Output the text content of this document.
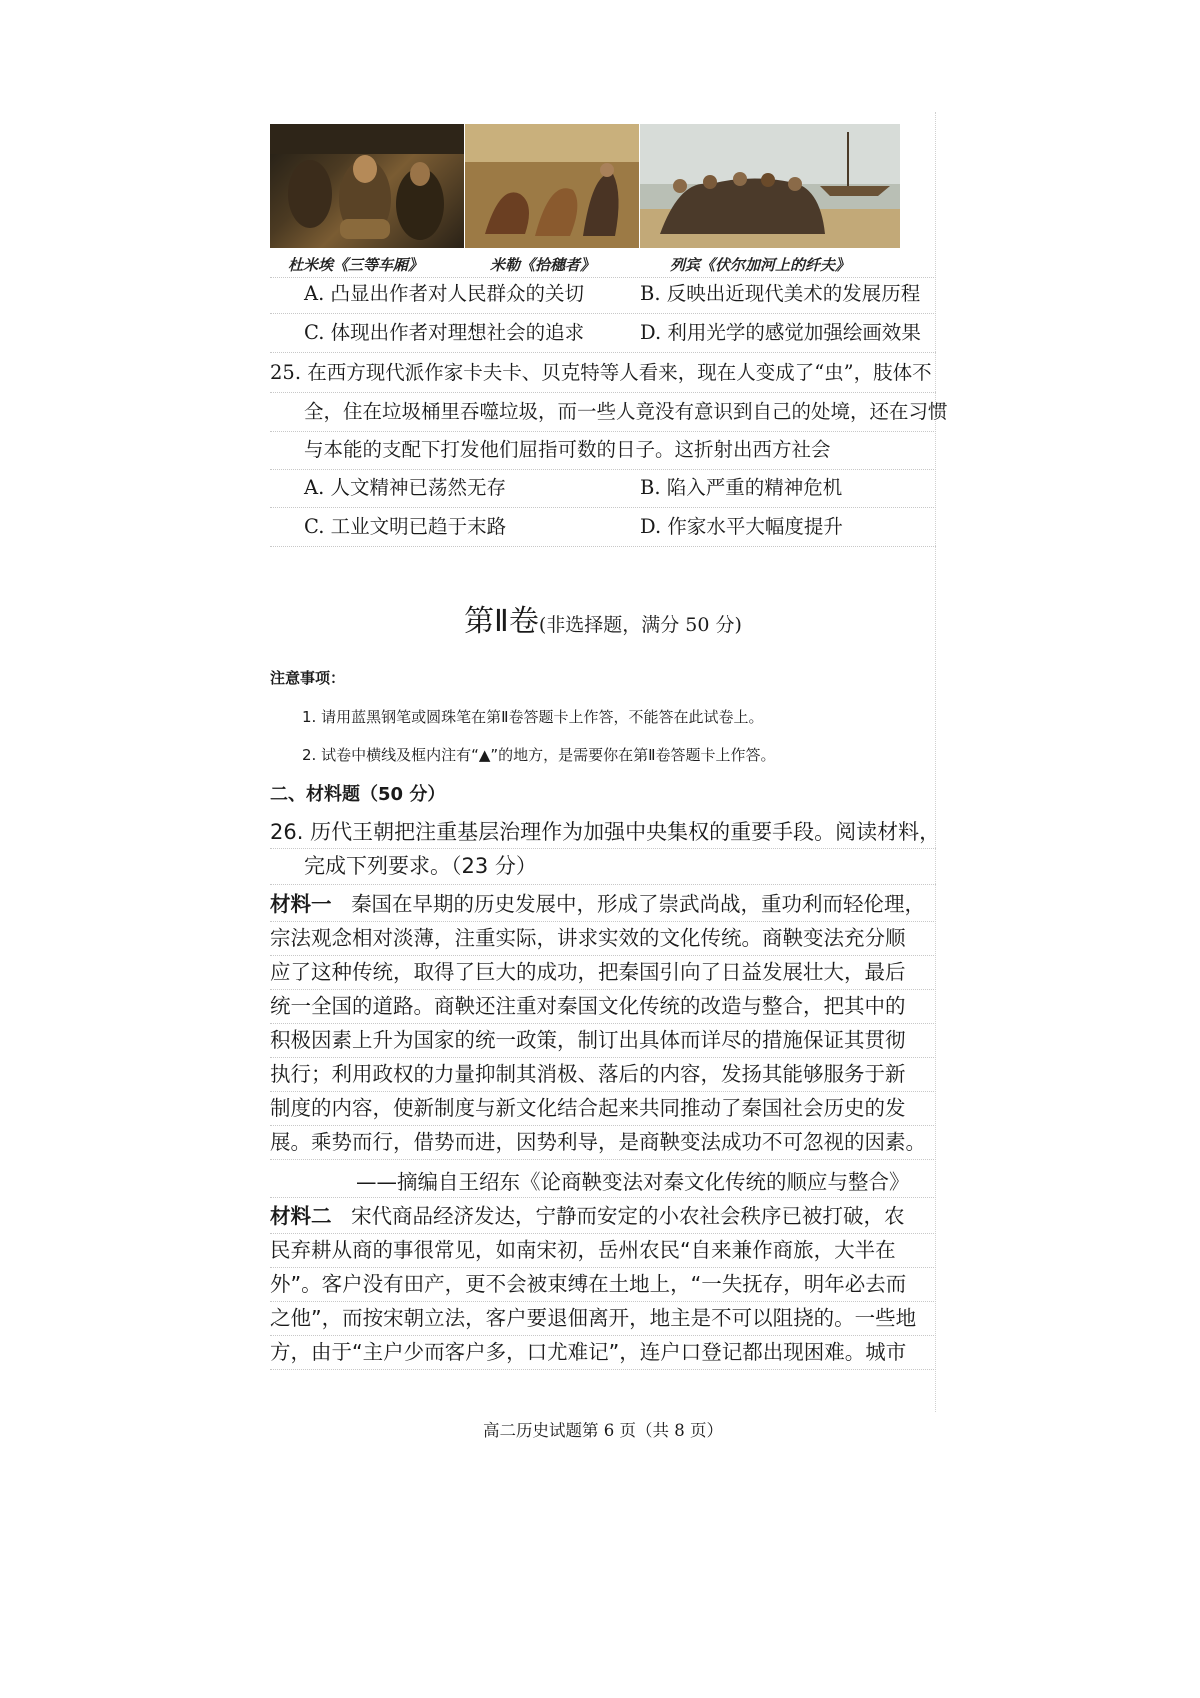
杜米埃《三等车厢》	米勒《拾穗者》	列宾《伏尔加河上的纤夫》
A. 凸显出作者对人民群众的关切	B. 反映出近现代美术的发展历程
C. 体现出作者对理想社会的追求	D. 利用光学的感觉加强绘画效果
25. 在西方现代派作家卡夫卡、贝克特等人看来，现在人变成了“虫”，肢体不
全，住在垃圾桶里吞噬垃圾，而一些人竟没有意识到自己的处境，还在习惯
与本能的支配下打发他们屈指可数的日子。这折射出西方社会
A. 人文精神已荡然无存	B. 陷入严重的精神危机
C. 工业文明已趋于末路	D. 作家水平大幅度提升
第Ⅱ卷(非选择题，满分 50 分)
注意事项：
1. 请用蓝黑钢笔或圆珠笔在第Ⅱ卷答题卡上作答，不能答在此试卷上。
2. 试卷中横线及框内注有“▲”的地方，是需要你在第Ⅱ卷答题卡上作答。
二、材料题（50 分）
26. 历代王朝把注重基层治理作为加强中央集权的重要手段。阅读材料，
完成下列要求。（23 分）
材料一 秦国在早期的历史发展中，形成了崇武尚战，重功利而轻伦理，
宗法观念相对淡薄，注重实际，讲求实效的文化传统。商鞅变法充分顺
应了这种传统，取得了巨大的成功，把秦国引向了日益发展壮大，最后
统一全国的道路。商鞅还注重对秦国文化传统的改造与整合，把其中的
积极因素上升为国家的统一政策，制订出具体而详尽的措施保证其贯彻
执行；利用政权的力量抑制其消极、落后的内容，发扬其能够服务于新
制度的内容，使新制度与新文化结合起来共同推动了秦国社会历史的发
展。乘势而行，借势而进，因势利导，是商鞅变法成功不可忽视的因素。
——摘编自王绍东《论商鞅变法对秦文化传统的顺应与整合》
材料二 宋代商品经济发达，宁静而安定的小农社会秩序已被打破，农
民弃耕从商的事很常见，如南宋初，岳州农民“自来兼作商旅，大半在
外”。客户没有田产，更不会被束缚在土地上，“一失抚存，明年必去而
之他”，而按宋朝立法，客户要退佃离开，地主是不可以阻挠的。一些地
方，由于“主户少而客户多，口尤难记”，连户口登记都出现困难。城市
高二历史试题第 6 页（共 8 页）
